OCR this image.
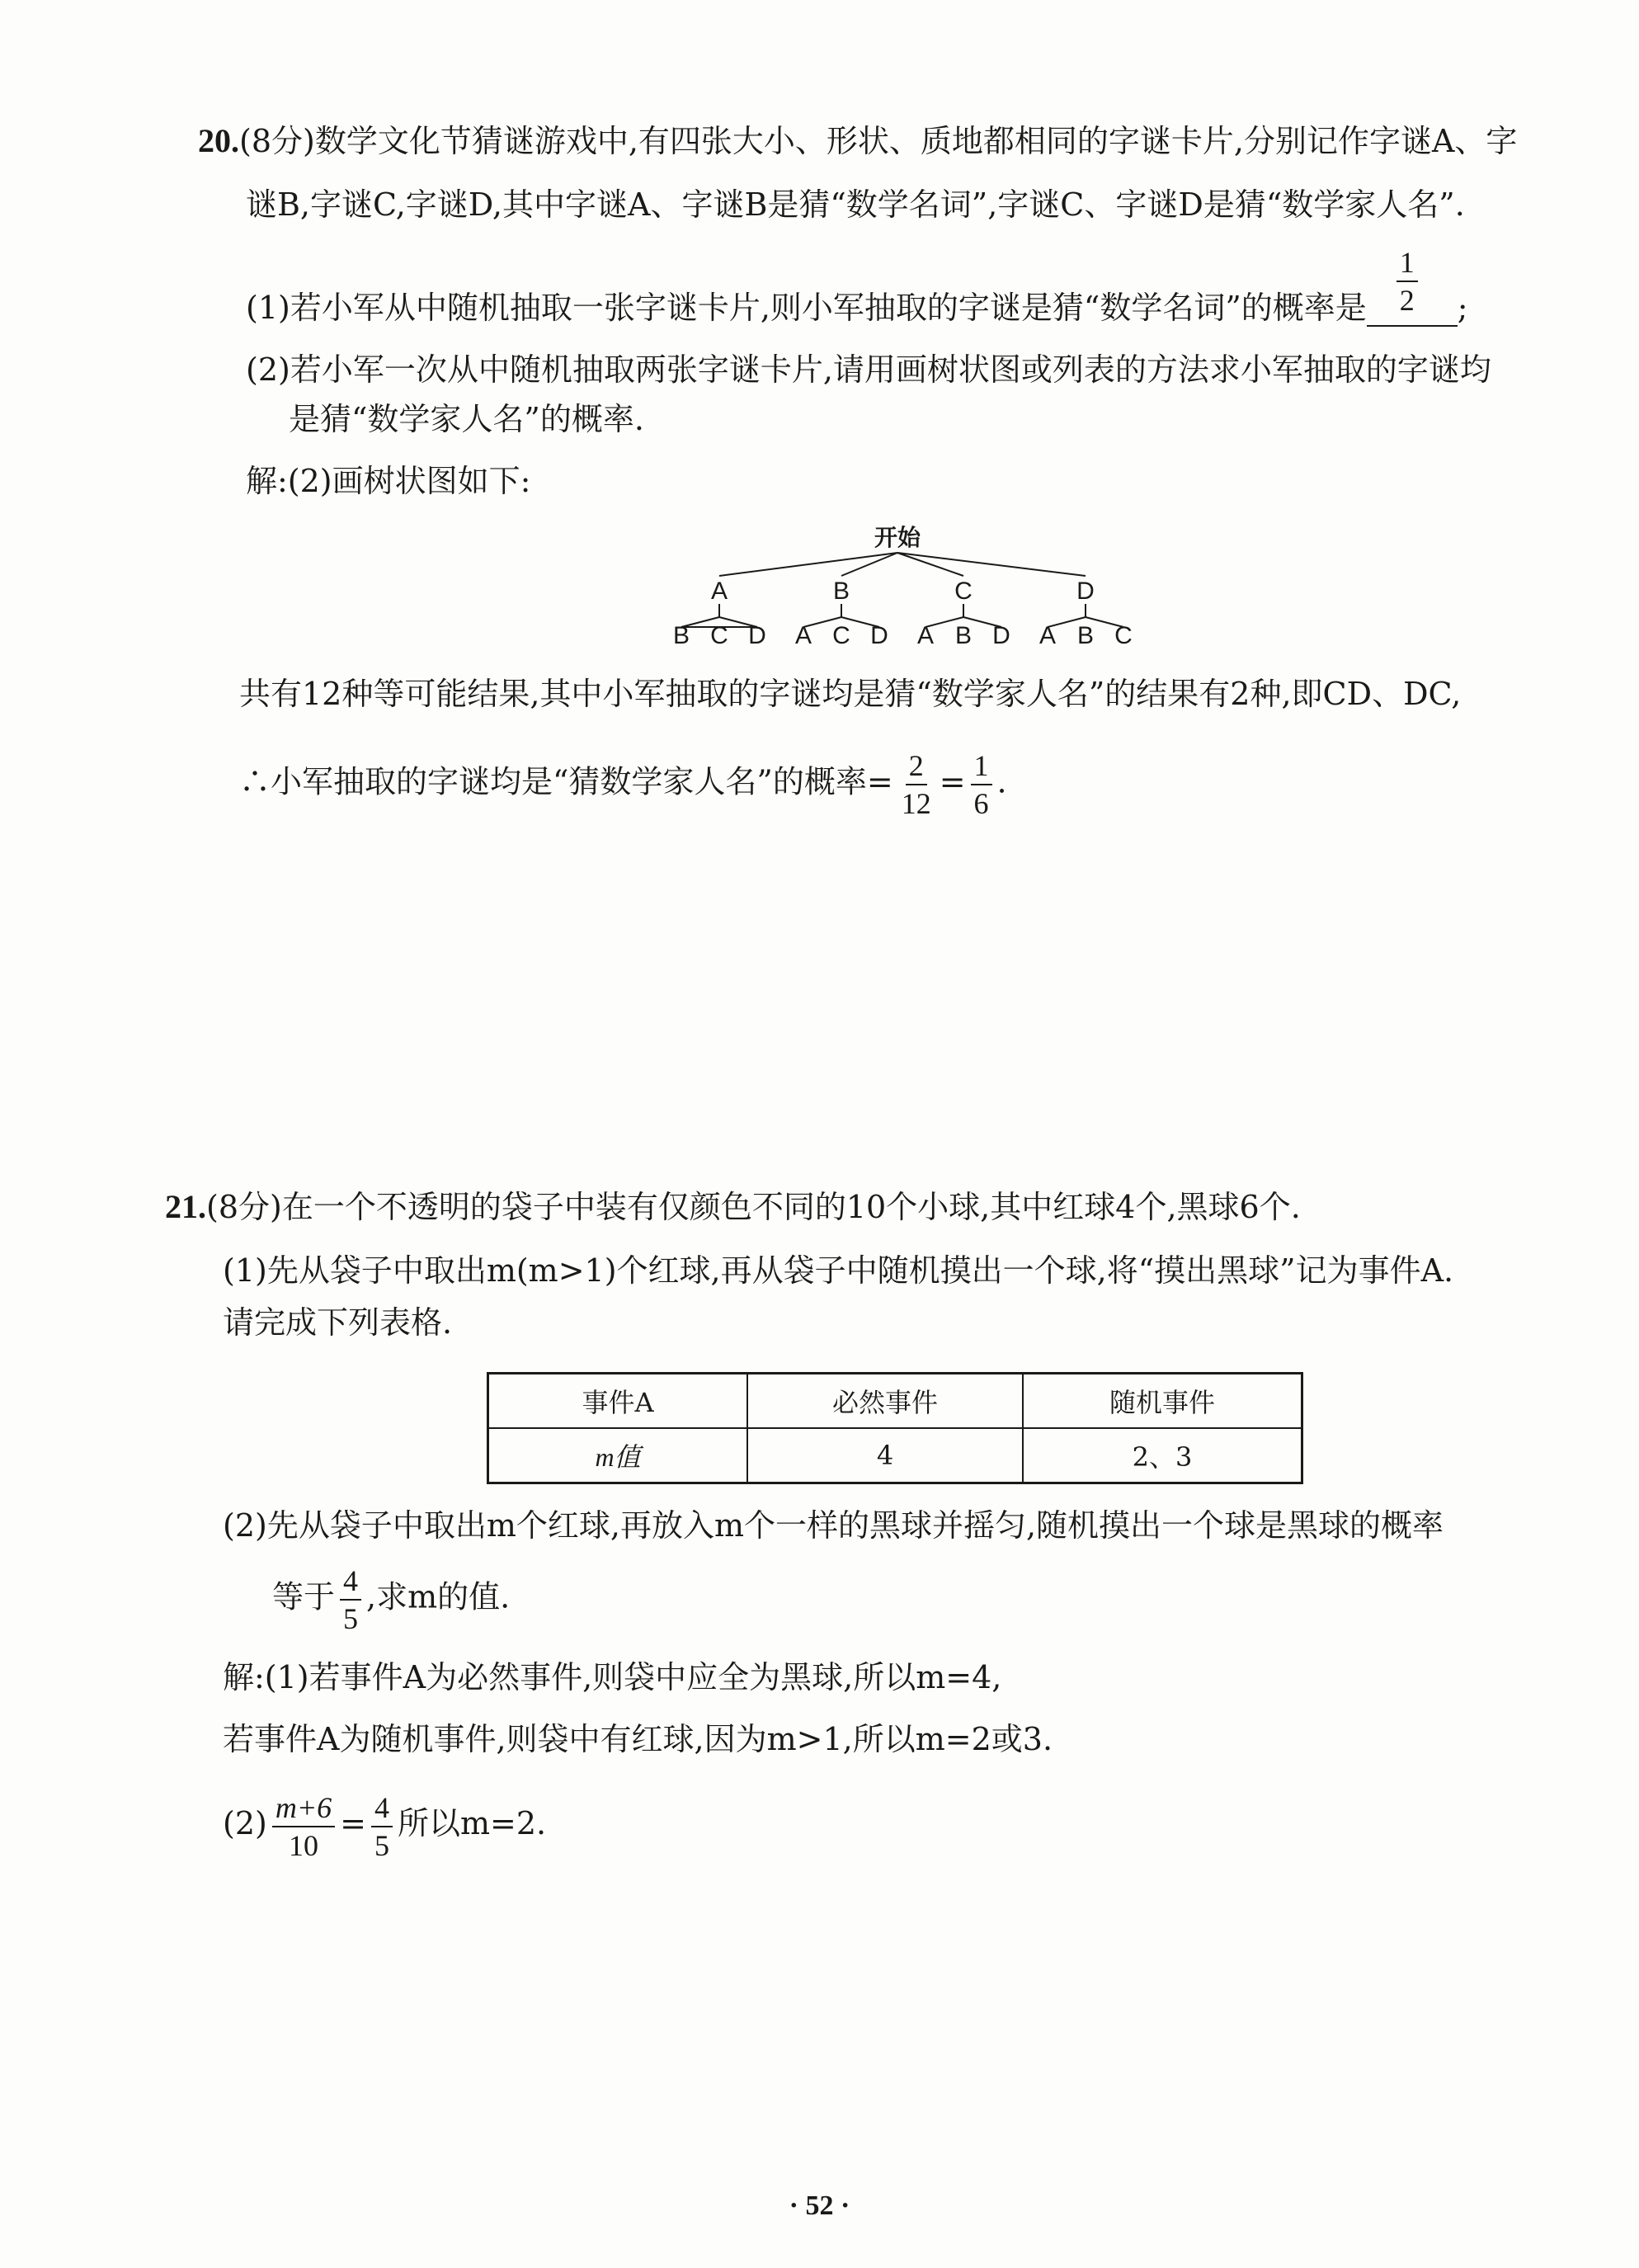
20.(8分)数学文化节猜谜游戏中,有四张大小、形状、质地都相同的字谜卡片,分别记作字谜A、字
谜B,字谜C,字谜D,其中字谜A、字谜B是猜“数学名词”,字谜C、字谜D是猜“数学家人名”.
(1)若小军从中随机抽取一张字谜卡片,则小军抽取的字谜是猜“数学名词”的概率是 $\frac{1}{2}$ ;
(2)若小军一次从中随机抽取两张字谜卡片,请用画树状图或列表的方法求小军抽取的字谜均
是猜“数学家人名”的概率.
解:(2)画树状图如下:
开始
A	B	C	D
B C D A C D A B D A B C
共有12种等可能结果,其中小军抽取的字谜均是猜“数学家人名”的结果有2种,即CD、DC,
∴小军抽取的字谜均是“猜数学家人名”的概率= $\frac{2}{12} = \frac{1}{6}$ .
21.(8分)在一个不透明的袋子中装有仅颜色不同的10个小球,其中红球4个,黑球6个.
(1)先从袋子中取出m(m>1)个红球,再从袋子中随机摸出一个球,将“摸出黑球”记为事件A.
请完成下列表格.
事件A	必然事件	随机事件
m值	4	2、3
(2)先从袋子中取出m个红球,再放入m个一样的黑球并摇匀,随机摸出一个球是黑球的概率
等于 $\frac{4}{5}$ ,求m的值.
解:(1)若事件A为必然事件,则袋中应全为黑球,所以m=4,
若事件A为随机事件,则袋中有红球,因为m>1,所以m=2或3.
$(2) \frac{m+6}{10} = \frac{4}{5}$ 所以m=2.
· 52 ·
